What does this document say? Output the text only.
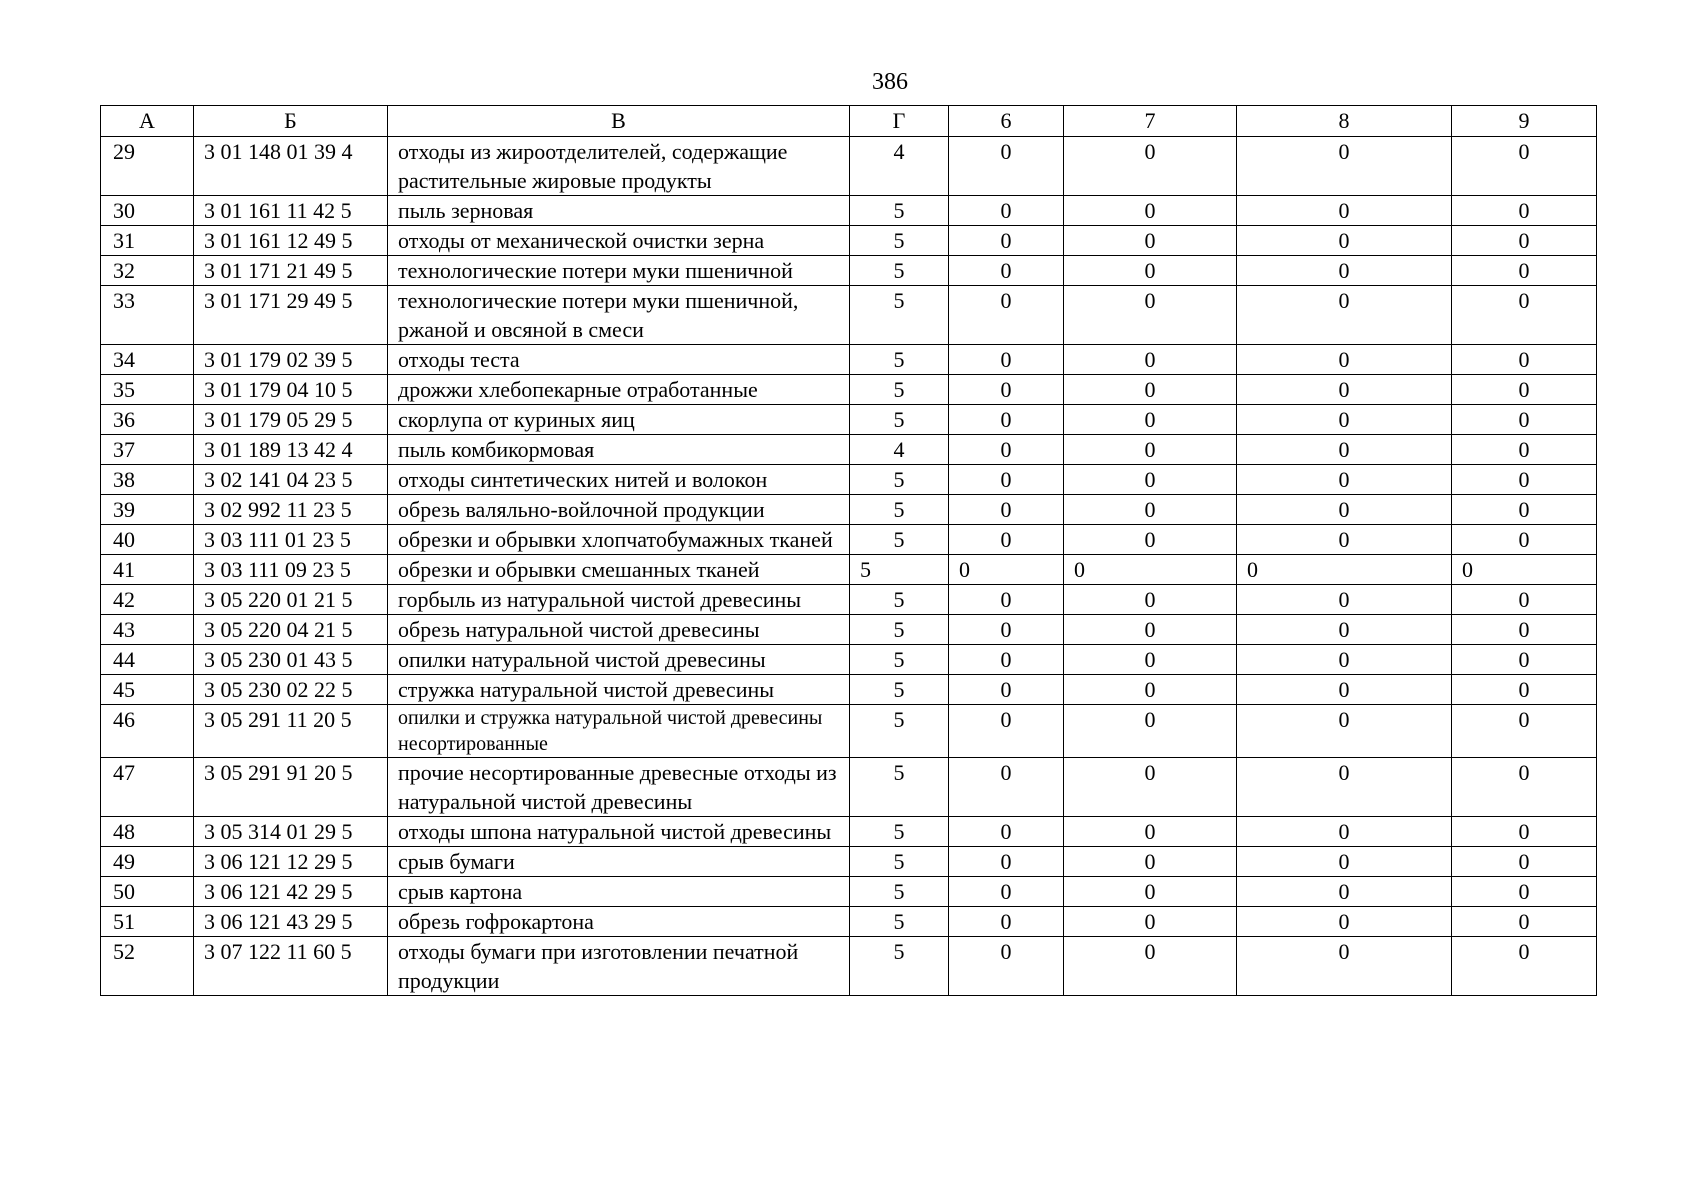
386
А	Б	В	Г	6	7	8	9
29	3 01 148 01 39 4	отходы из жироотделителей, содержащие растительные жировые продукты	4	0	0	0	0
30	3 01 161 11 42 5	пыль зерновая	5	0	0	0	0
31	3 01 161 12 49 5	отходы от механической очистки зерна	5	0	0	0	0
32	3 01 171 21 49 5	технологические потери муки пшеничной	5	0	0	0	0
33	3 01 171 29 49 5	технологические потери муки пшеничной, ржаной и овсяной в смеси	5	0	0	0	0
34	3 01 179 02 39 5	отходы теста	5	0	0	0	0
35	3 01 179 04 10 5	дрожжи хлебопекарные отработанные	5	0	0	0	0
36	3 01 179 05 29 5	скорлупа от куриных яиц	5	0	0	0	0
37	3 01 189 13 42 4	пыль комбикормовая	4	0	0	0	0
38	3 02 141 04 23 5	отходы синтетических нитей и волокон	5	0	0	0	0
39	3 02 992 11 23 5	обрезь валяльно-войлочной продукции	5	0	0	0	0
40	3 03 111 01 23 5	обрезки и обрывки хлопчатобумажных тканей	5	0	0	0	0
41	3 03 111 09 23 5	обрезки и обрывки смешанных тканей	5	0	0	0	0
42	3 05 220 01 21 5	горбыль из натуральной чистой древесины	5	0	0	0	0
43	3 05 220 04 21 5	обрезь натуральной чистой древесины	5	0	0	0	0
44	3 05 230 01 43 5	опилки натуральной чистой древесины	5	0	0	0	0
45	3 05 230 02 22 5	стружка натуральной чистой древесины	5	0	0	0	0
46	3 05 291 11 20 5	опилки и стружка натуральной чистой древесины несортированные	5	0	0	0	0
47	3 05 291 91 20 5	прочие несортированные древесные отходы из натуральной чистой древесины	5	0	0	0	0
48	3 05 314 01 29 5	отходы шпона натуральной чистой древесины	5	0	0	0	0
49	3 06 121 12 29 5	срыв бумаги	5	0	0	0	0
50	3 06 121 42 29 5	срыв картона	5	0	0	0	0
51	3 06 121 43 29 5	обрезь гофрокартона	5	0	0	0	0
52	3 07 122 11 60 5	отходы бумаги при изготовлении печатной продукции	5	0	0	0	0
